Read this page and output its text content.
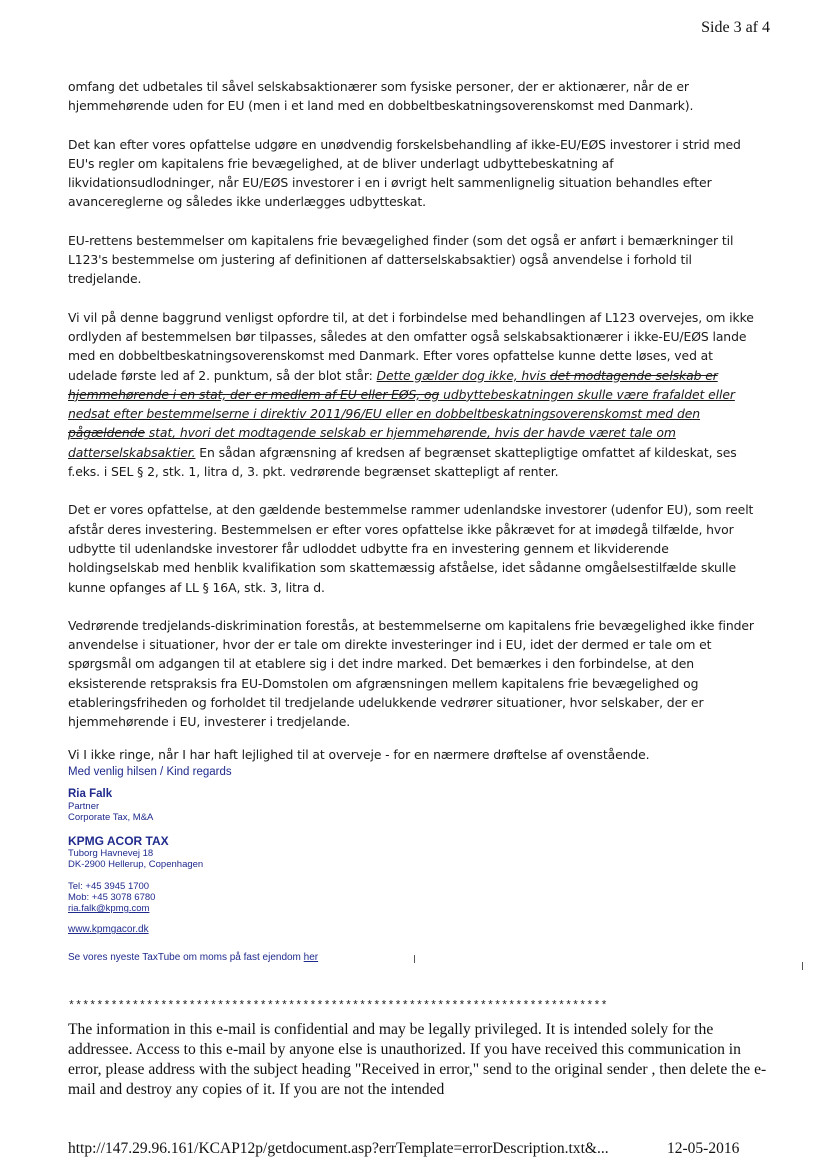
Side 3 af 4

omfang det udbetales til såvel selskabsaktionærer som fysiske personer, der er aktionærer, når de er hjemmehørende uden for EU (men i et land med en dobbeltbeskatningsoverenskomst med Danmark).

Det kan efter vores opfattelse udgøre en unødvendig forskelsbehandling af ikke-EU/EØS investorer i strid med EU's regler om kapitalens frie bevægelighed, at de bliver underlagt udbyttebeskatning af likvidationsudlodninger, når EU/EØS investorer i en i øvrigt helt sammenlignelig situation behandles efter avancereglerne og således ikke underlægges udbytteskat.

EU-rettens bestemmelser om kapitalens frie bevægelighed finder (som det også er anført i bemærkninger til L123's bestemmelse om justering af definitionen af datterselskabsaktier) også anvendelse i forhold til tredjelande.

Vi vil på denne baggrund venligst opfordre til, at det i forbindelse med behandlingen af L123 overvejes, om ikke ordlyden af bestemmelsen bør tilpasses, således at den omfatter også selskabsaktionærer i ikke-EU/EØS lande med en dobbeltbeskatningsoverenskomst med Danmark. Efter vores opfattelse kunne dette løses, ved at udelade første led af 2. punktum, så der blot står: Dette gælder dog ikke, hvis det modtagende selskab er hjemmehørende i en stat, der er medlem af EU eller EØS, og udbyttebeskatningen skulle være frafaldet eller nedsat efter bestemmelserne i direktiv 2011/96/EU eller en dobbeltbeskatningsoverenskomst med den pågældende stat, hvori det modtagende selskab er hjemmehørende, hvis der havde været tale om datterselskabsaktier. En sådan afgrænsning af kredsen af begrænset skattepligtige omfattet af kildeskat, ses f.eks. i SEL § 2, stk. 1, litra d, 3. pkt. vedrørende begrænset skattepligt af renter.

Det er vores opfattelse, at den gældende bestemmelse rammer udenlandske investorer (udenfor EU), som reelt afstår deres investering. Bestemmelsen er efter vores opfattelse ikke påkrævet for at imødegå tilfælde, hvor udbytte til udenlandske investorer får udloddet udbytte fra en investering gennem et likviderende holdingselskab med henblik kvalifikation som skattemæssig afståelse, idet sådanne omgåelsestilfælde skulle kunne opfanges af LL § 16A, stk. 3, litra d.

Vedrørende tredjelands-diskrimination forestås, at bestemmelserne om kapitalens frie bevægelighed ikke finder anvendelse i situationer, hvor der er tale om direkte investeringer ind i EU, idet der dermed er tale om et spørgsmål om adgangen til at etablere sig i det indre marked. Det bemærkes i den forbindelse, at den eksisterende retspraksis fra EU-Domstolen om afgrænsningen mellem kapitalens frie bevægelighed og etableringsfriheden og forholdet til tredjelande udelukkende vedrører situationer, hvor selskaber, der er hjemmehørende i EU, investerer i tredjelande.

Vi I ikke ringe, når I har haft lejlighed til at overveje - for en nærmere drøftelse af ovenstående.

Med venlig hilsen / Kind regards

Ria Falk

Partner

Corporate Tax, M&A

KPMG ACOR TAX

Tuborg Havnevej 18

DK-2900 Hellerup, Copenhagen

Tel: +45 3945 1700

Mob: +45 3078 6780

ria.falk@kpmg.com

www.kpmgacor.dk

Se vores nyeste TaxTube om moms på fast ejendom her

****************************************************************************
The information in this e-mail is confidential and may be legally privileged. It is intended solely for the addressee. Access to this e-mail by anyone else is unauthorized. If you have received this communication in error, please address with the subject heading "Received in error," send to the original sender , then delete the e-mail and destroy any copies of it. If you are not the intended
http://147.29.96.161/KCAP12p/getdocument.asp?errTemplate=errorDescription.txt&...	12-05-2016
